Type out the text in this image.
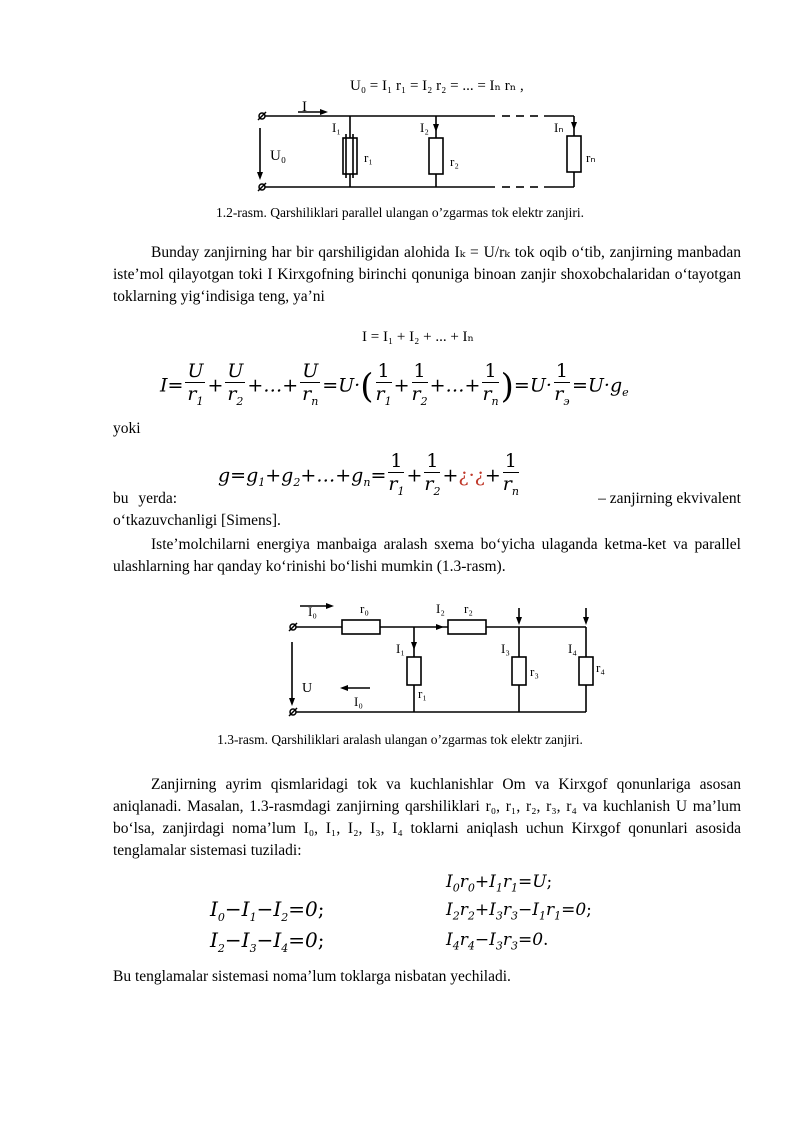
U₀ = I₁ r₁ = I₂ r₂ = ... = Iₙ rₙ ,
I
U₀
I₁	I₂	Iₙ
r₁	r₂	rₙ
1.2-rasm. Qarshiliklari parallel ulangan o’zgarmas tok elektr zanjiri.
Bunday zanjirning har bir qarshiligidan alohida Iₖ = U/rₖ tok oqib o‘tib, zanjirning manbadan iste’mol qilayotgan toki I Kirxgofning birinchi qonuniga binoan zanjir shoxobchalaridan o‘tayotgan toklarning yig‘indisiga teng, ya’ni
I = I₁ + I₂ + ... + Iₙ
$I= \frac{U}{r_1} + \frac{U}{r_2}$ +…+ $\frac{U}{r_n} =U\cdot( \frac{1}{r_1} + \frac{1}{r_2}$ +…+ $\frac{1}{r_n} )=U\cdot \frac{1}{r_э} =U\cdot g_e$
yoki
$g=g_1+g_2+\dots+g_n= \frac{1}{r_1} + \frac{1}{r_2}$ +¿·¿+ $\frac{1}{r_n}$
bu yerda:	– zanjirning ekvivalent
o‘tkazuvchanligi [Simens].
Iste’molchilarni energiya manbaiga aralash sxema bo‘yicha ulaganda ketma-ket va parallel ulashlarning har qanday ko‘rinishi bo‘lishi mumkin (1.3-rasm).
I₀	r₀	I₂ r₂
I₁	I₃	I₄
r₃	r₄
U
I₀
r₁
1.3-rasm. Qarshiliklari aralash ulangan o’zgarmas tok elektr zanjiri.
Zanjirning ayrim qismlaridagi tok va kuchlanishlar Om va Kirxgof qonunlariga asosan aniqlanadi. Masalan, 1.3-rasmdagi zanjirning qarshiliklari r₀, r₁, r₂, r₃, r₄ va kuchlanish U ma’lum bo‘lsa, zanjirdagi noma’lum I₀, I₁, I₂, I₃, I₄ toklarni aniqlash uchun Kirxgof qonunlari asosida tenglamalar sistemasi tuziladi:
$I_0-I_1-I_2=0$;
$I_2-I_3-I_4=0$;
$I_0r_0+I_1r_1=U$;
$I_2r_2+I_3r_3-I_1r_1=0$;
$I_4r_4-I_3r_3=0$.
Bu tenglamalar sistemasi noma’lum toklarga nisbatan yechiladi.
